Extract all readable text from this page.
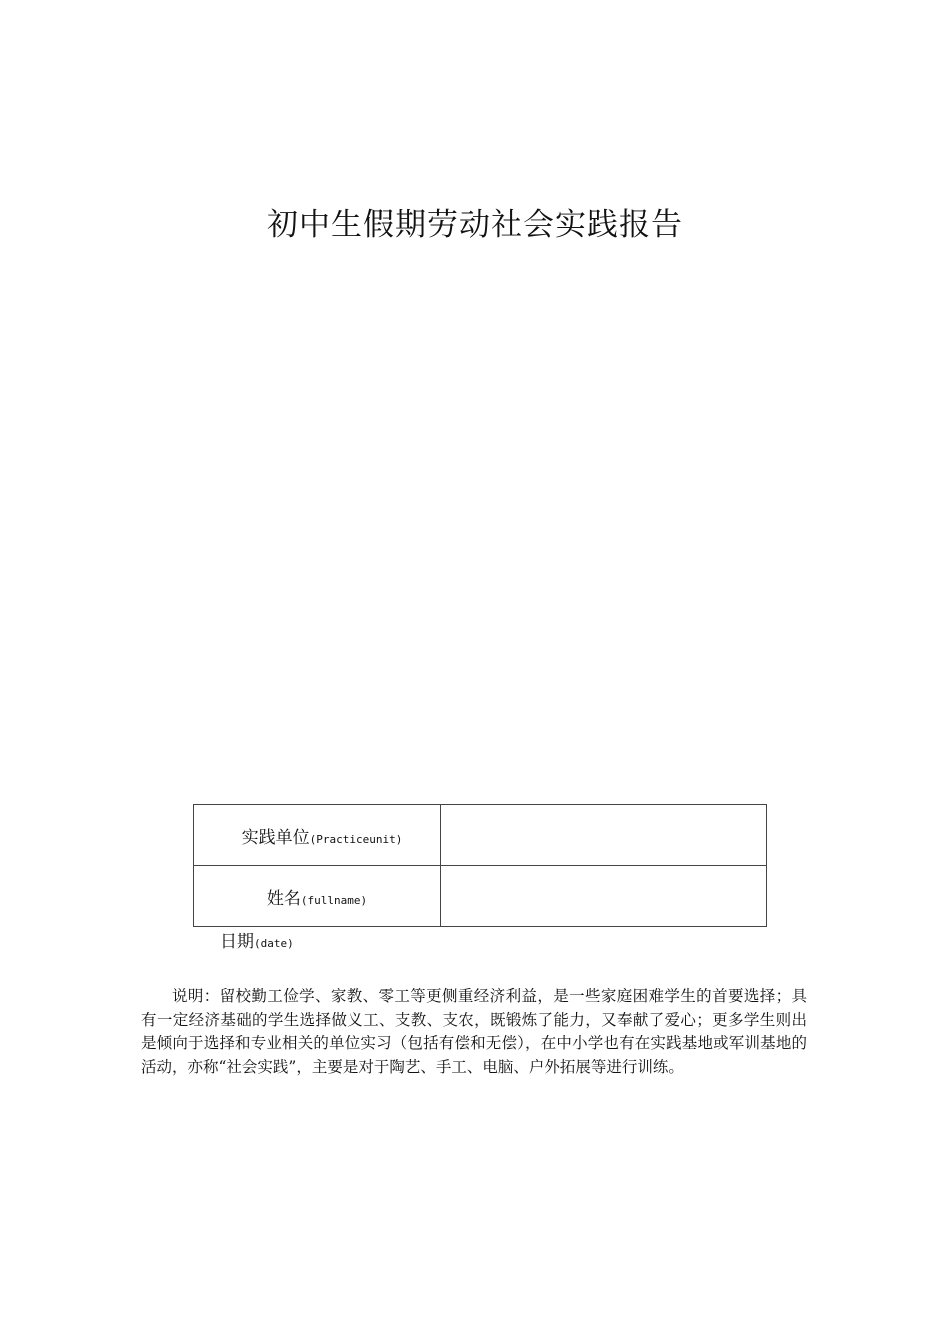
初中生假期劳动社会实践报告
实践单位(Practiceunit)	
姓名(fullname)	
日期(date)

说明：留校勤工俭学、家教、零工等更侧重经济利益，是一些家庭困难学生的首要选择；具有一定经济基础的学生选择做义工、支教、支农，既锻炼了能力，又奉献了爱心；更多学生则出是倾向于选择和专业相关的单位实习（包括有偿和无偿），在中小学也有在实践基地或军训基地的活动，亦称“社会实践”，主要是对于陶艺、手工、电脑、户外拓展等进行训练。
